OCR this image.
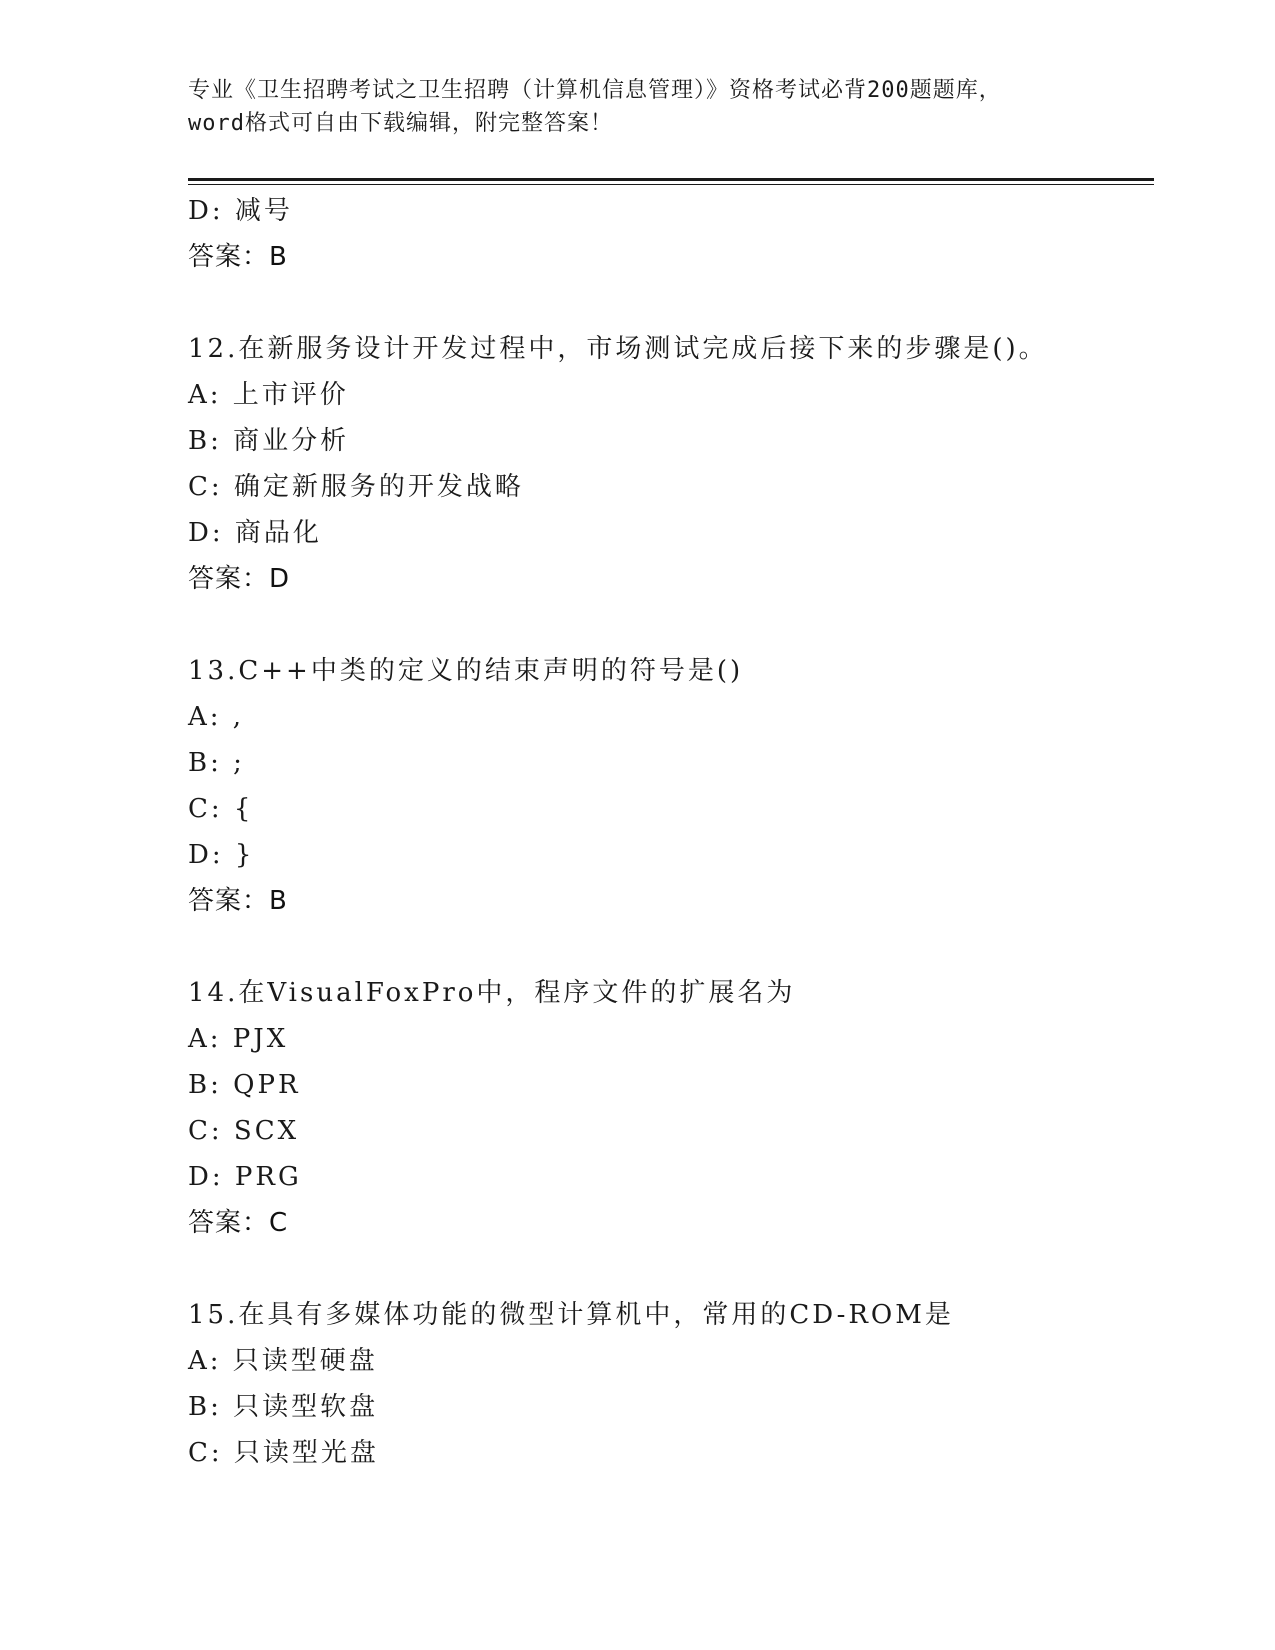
专业《卫生招聘考试之卫生招聘（计算机信息管理）》资格考试必背200题题库，
word格式可自由下载编辑，附完整答案！
D: 减号
答案：B
12.在新服务设计开发过程中，市场测试完成后接下来的步骤是()。
A: 上市评价
B: 商业分析
C: 确定新服务的开发战略
D: 商品化
答案：D
13.C++中类的定义的结束声明的符号是()
A: ,
B: ;
C: {
D: }
答案：B
14.在VisualFoxPro中，程序文件的扩展名为
A: PJX
B: QPR
C: SCX
D: PRG
答案：C
15.在具有多媒体功能的微型计算机中，常用的CD-ROM是
A: 只读型硬盘
B: 只读型软盘
C: 只读型光盘
